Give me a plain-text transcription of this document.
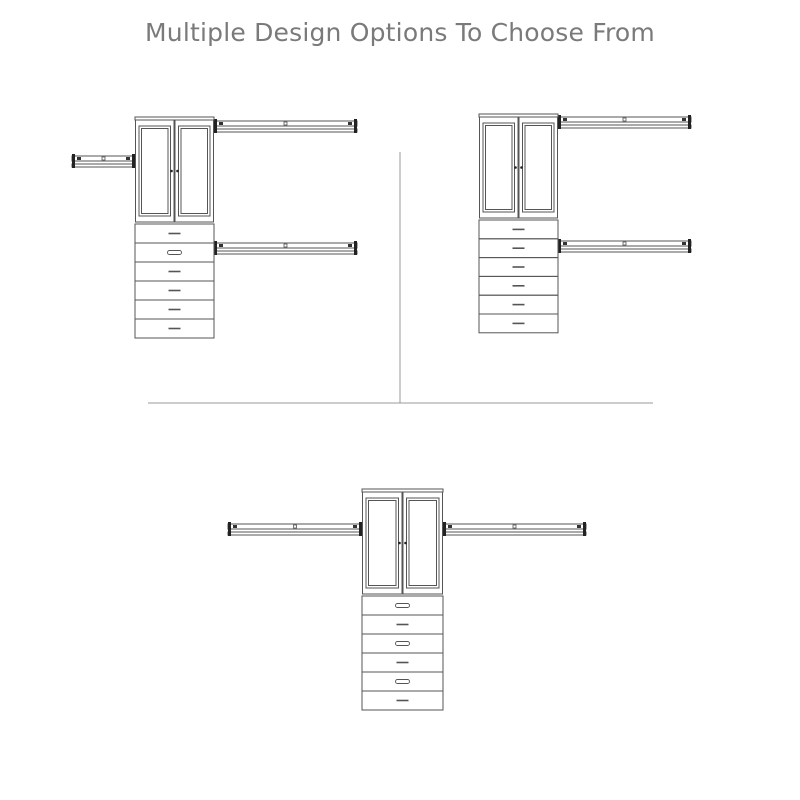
Multiple Design Options To Choose From
